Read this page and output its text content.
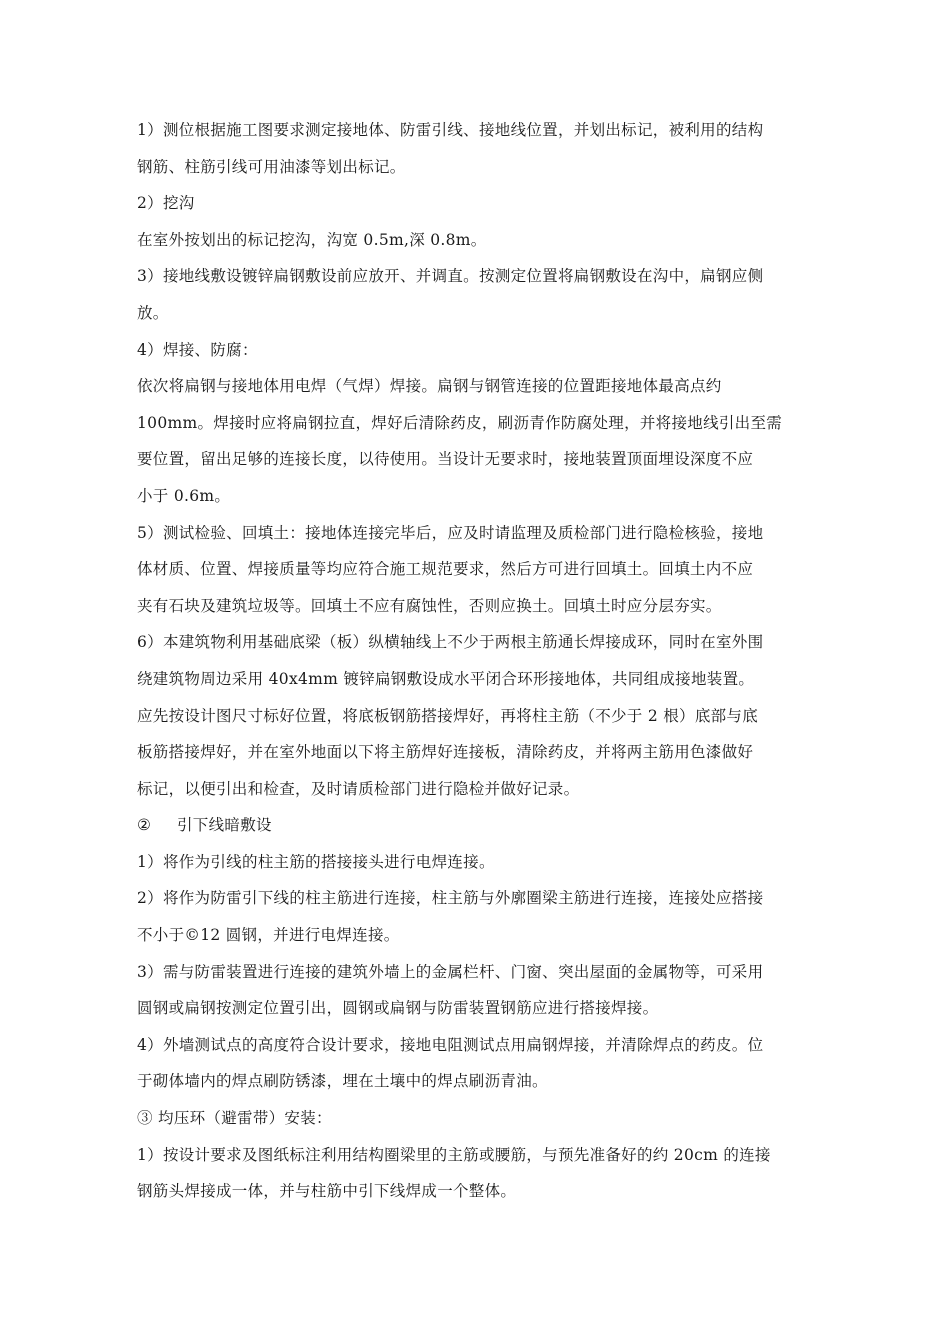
1）测位根据施工图要求测定接地体、防雷引线、接地线位置，并划出标记，被利用的结构
钢筋、柱筋引线可用油漆等划出标记。
2）挖沟
在室外按划出的标记挖沟，沟宽 0.5m,深 0.8m。
3）接地线敷设镀锌扁钢敷设前应放开、并调直。按测定位置将扁钢敷设在沟中，扁钢应侧
放。
4）焊接、防腐：
依次将扁钢与接地体用电焊（气焊）焊接。扁钢与钢管连接的位置距接地体最高点约
100mm。焊接时应将扁钢拉直，焊好后清除药皮，刷沥青作防腐处理，并将接地线引出至需
要位置，留出足够的连接长度，以待使用。当设计无要求时，接地装置顶面埋设深度不应
小于 0.6m。
5）测试检验、回填土：接地体连接完毕后，应及时请监理及质检部门进行隐检核验，接地
体材质、位置、焊接质量等均应符合施工规范要求，然后方可进行回填土。回填土内不应
夹有石块及建筑垃圾等。回填土不应有腐蚀性，否则应换土。回填土时应分层夯实。
6）本建筑物利用基础底梁（板）纵横轴线上不少于两根主筋通长焊接成环，同时在室外围
绕建筑物周边采用 40x4mm 镀锌扁钢敷设成水平闭合环形接地体，共同组成接地装置。
应先按设计图尺寸标好位置，将底板钢筋搭接焊好，再将柱主筋（不少于 2 根）底部与底
板筋搭接焊好，并在室外地面以下将主筋焊好连接板，清除药皮，并将两主筋用色漆做好
标记，以便引出和检查，及时请质检部门进行隐检并做好记录。
② 引下线暗敷设
1）将作为引线的柱主筋的搭接接头进行电焊连接。
2）将作为防雷引下线的柱主筋进行连接，柱主筋与外廓圈梁主筋进行连接，连接处应搭接
不小于©12 圆钢，并进行电焊连接。
3）需与防雷装置进行连接的建筑外墙上的金属栏杆、门窗、突出屋面的金属物等，可采用
圆钢或扁钢按测定位置引出，圆钢或扁钢与防雷装置钢筋应进行搭接焊接。
4）外墙测试点的高度符合设计要求，接地电阻测试点用扁钢焊接，并清除焊点的药皮。位
于砌体墙内的焊点刷防锈漆，埋在土壤中的焊点刷沥青油。
③ 均压环（避雷带）安装：
1）按设计要求及图纸标注利用结构圈梁里的主筋或腰筋，与预先准备好的约 20cm 的连接
钢筋头焊接成一体，并与柱筋中引下线焊成一个整体。
